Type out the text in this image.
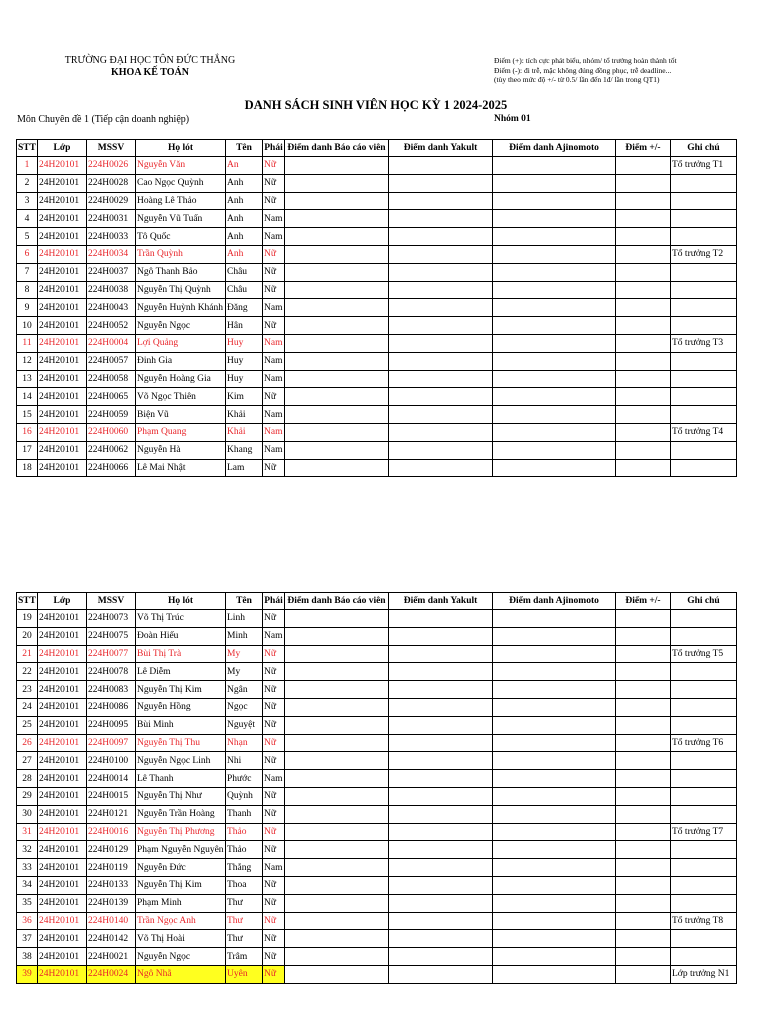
TRƯỜNG ĐẠI HỌC TÔN ĐỨC THẮNG
KHOA KẾ TOÁN
Điểm (+): tích cực phát biểu, nhóm/ tổ trưởng hoàn thành tốt
Điểm (-): đi trễ, mặc không đúng đồng phục, trễ deadline...
(tùy theo mức độ +/- từ 0.5/ lần đến 1đ/ lần trong QT1)
DANH SÁCH SINH VIÊN HỌC KỲ 1 2024-2025
Môn Chuyên đề 1 (Tiếp cận doanh nghiệp)	Nhóm 01
STT	Lớp	MSSV	Họ lót	Tên	Phái	Điểm danh Báo cáo viên	Điểm danh Yakult	Điểm danh Ajinomoto	Điểm +/-	Ghi chú
1	24H20101	224H0026	Nguyễn Văn	An	Nữ					Tổ trưởng T1
2	24H20101	224H0028	Cao Ngọc Quỳnh	Anh	Nữ					
3	24H20101	224H0029	Hoàng Lê Thảo	Anh	Nữ					
4	24H20101	224H0031	Nguyễn Vũ Tuấn	Anh	Nam					
5	24H20101	224H0033	Tô Quốc	Anh	Nam					
6	24H20101	224H0034	Trần Quỳnh	Anh	Nữ					Tổ trưởng T2
7	24H20101	224H0037	Ngô Thanh Bảo	Châu	Nữ					
8	24H20101	224H0038	Nguyễn Thị Quỳnh	Châu	Nữ					
9	24H20101	224H0043	Nguyễn Huỳnh Khánh	Đăng	Nam					
10	24H20101	224H0052	Nguyễn Ngọc	Hân	Nữ					
11	24H20101	224H0004	Lợi Quảng	Huy	Nam					Tổ trưởng T3
12	24H20101	224H0057	Đinh Gia	Huy	Nam					
13	24H20101	224H0058	Nguyễn Hoàng Gia	Huy	Nam					
14	24H20101	224H0065	Võ Ngọc Thiên	Kim	Nữ					
15	24H20101	224H0059	Biện Vũ	Khải	Nam					
16	24H20101	224H0060	Phạm Quang	Khải	Nam					Tổ trưởng T4
17	24H20101	224H0062	Nguyễn Hà	Khang	Nam					
18	24H20101	224H0066	Lê Mai Nhật	Lam	Nữ					
STT	Lớp	MSSV	Họ lót	Tên	Phái	Điểm danh Báo cáo viên	Điểm danh Yakult	Điểm danh Ajinomoto	Điểm +/-	Ghi chú
19	24H20101	224H0073	Võ Thị Trúc	Linh	Nữ					
20	24H20101	224H0075	Đoàn Hiếu	Minh	Nam					
21	24H20101	224H0077	Bùi Thị Trà	My	Nữ					Tổ trưởng T5
22	24H20101	224H0078	Lê Diễm	My	Nữ					
23	24H20101	224H0083	Nguyễn Thị Kim	Ngân	Nữ					
24	24H20101	224H0086	Nguyễn Hồng	Ngọc	Nữ					
25	24H20101	224H0095	Bùi Minh	Nguyệt	Nữ					
26	24H20101	224H0097	Nguyễn Thị Thu	Nhạn	Nữ					Tổ trưởng T6
27	24H20101	224H0100	Nguyễn Ngọc Linh	Nhi	Nữ					
28	24H20101	224H0014	Lê Thanh	Phước	Nam					
29	24H20101	224H0015	Nguyễn Thị Như	Quỳnh	Nữ					
30	24H20101	224H0121	Nguyễn Trần Hoàng	Thanh	Nữ					
31	24H20101	224H0016	Nguyễn Thị Phương	Thảo	Nữ					Tổ trưởng T7
32	24H20101	224H0129	Phạm Nguyễn Nguyên	Thảo	Nữ					
33	24H20101	224H0119	Nguyễn Đức	Thắng	Nam					
34	24H20101	224H0133	Nguyễn Thị Kim	Thoa	Nữ					
35	24H20101	224H0139	Phạm Minh	Thư	Nữ					
36	24H20101	224H0140	Trần Ngọc Anh	Thư	Nữ					Tổ trưởng T8
37	24H20101	224H0142	Võ Thị Hoài	Thư	Nữ					
38	24H20101	224H0021	Nguyễn Ngọc	Trâm	Nữ					
39	24H20101	224H0024	Ngô Nhã	Uyên	Nữ					Lớp trưởng N1
